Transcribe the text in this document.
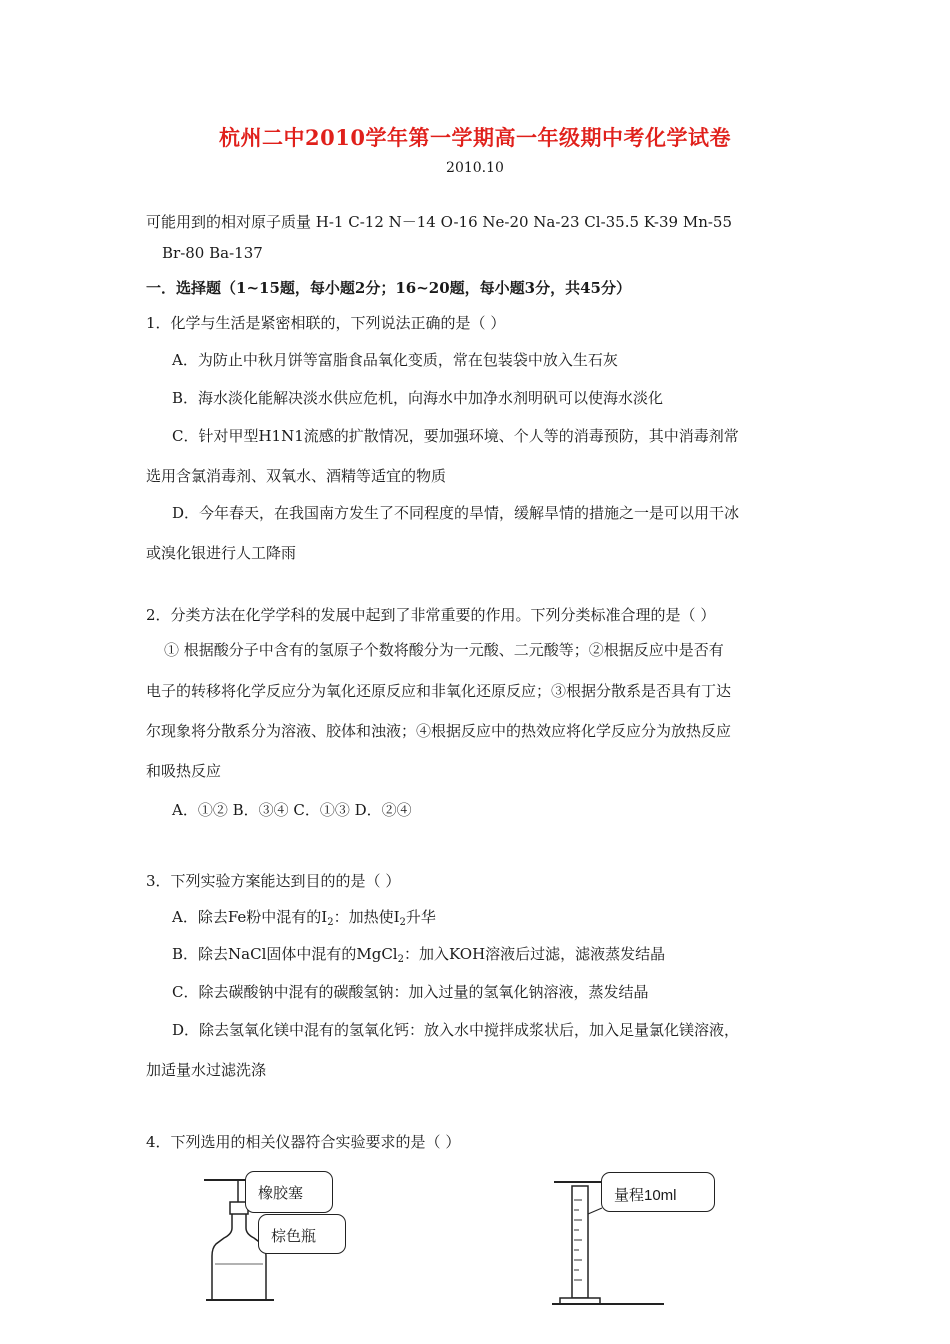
杭州二中2010学年第一学期高一年级期中考化学试卷
2010.10
可能用到的相对原子质量 H-1 C-12 N－14 O-16 Ne-20 Na-23 Cl-35.5 K-39 Mn-55
Br-80 Ba-137
一．选择题（1~15题，每小题2分；16~20题，每小题3分，共45分）
1．化学与生活是紧密相联的，下列说法正确的是（ ）
A．为防止中秋月饼等富脂食品氧化变质，常在包装袋中放入生石灰
B．海水淡化能解决淡水供应危机，向海水中加净水剂明矾可以使海水淡化
C．针对甲型H1N1流感的扩散情况，要加强环境、个人等的消毒预防，其中消毒剂常
选用含氯消毒剂、双氧水、酒精等适宜的物质
D．今年春天，在我国南方发生了不同程度的旱情，缓解旱情的措施之一是可以用干冰
或溴化银进行人工降雨
2．分类方法在化学学科的发展中起到了非常重要的作用。下列分类标准合理的是（ ）
① 根据酸分子中含有的氢原子个数将酸分为一元酸、二元酸等；②根据反应中是否有
电子的转移将化学反应分为氧化还原反应和非氧化还原反应；③根据分散系是否具有丁达
尔现象将分散系分为溶液、胶体和浊液；④根据反应中的热效应将化学反应分为放热反应
和吸热反应
A．①② B．③④ C．①③ D．②④
3．下列实验方案能达到目的的是（ ）
A．除去Fe粉中混有的$I_2$：加热使$I_2$升华
B．除去NaCl固体中混有的MgCl$_2$：加入KOH溶液后过滤，滤液蒸发结晶
C．除去碳酸钠中混有的碳酸氢钠：加入过量的氢氧化钠溶液，蒸发结晶
D．除去氢氧化镁中混有的氢氧化钙：放入水中搅拌成浆状后，加入足量氯化镁溶液，
加适量水过滤洗涤
4．下列选用的相关仪器符合实验要求的是（ ）
橡胶塞
棕色瓶
量程10ml
